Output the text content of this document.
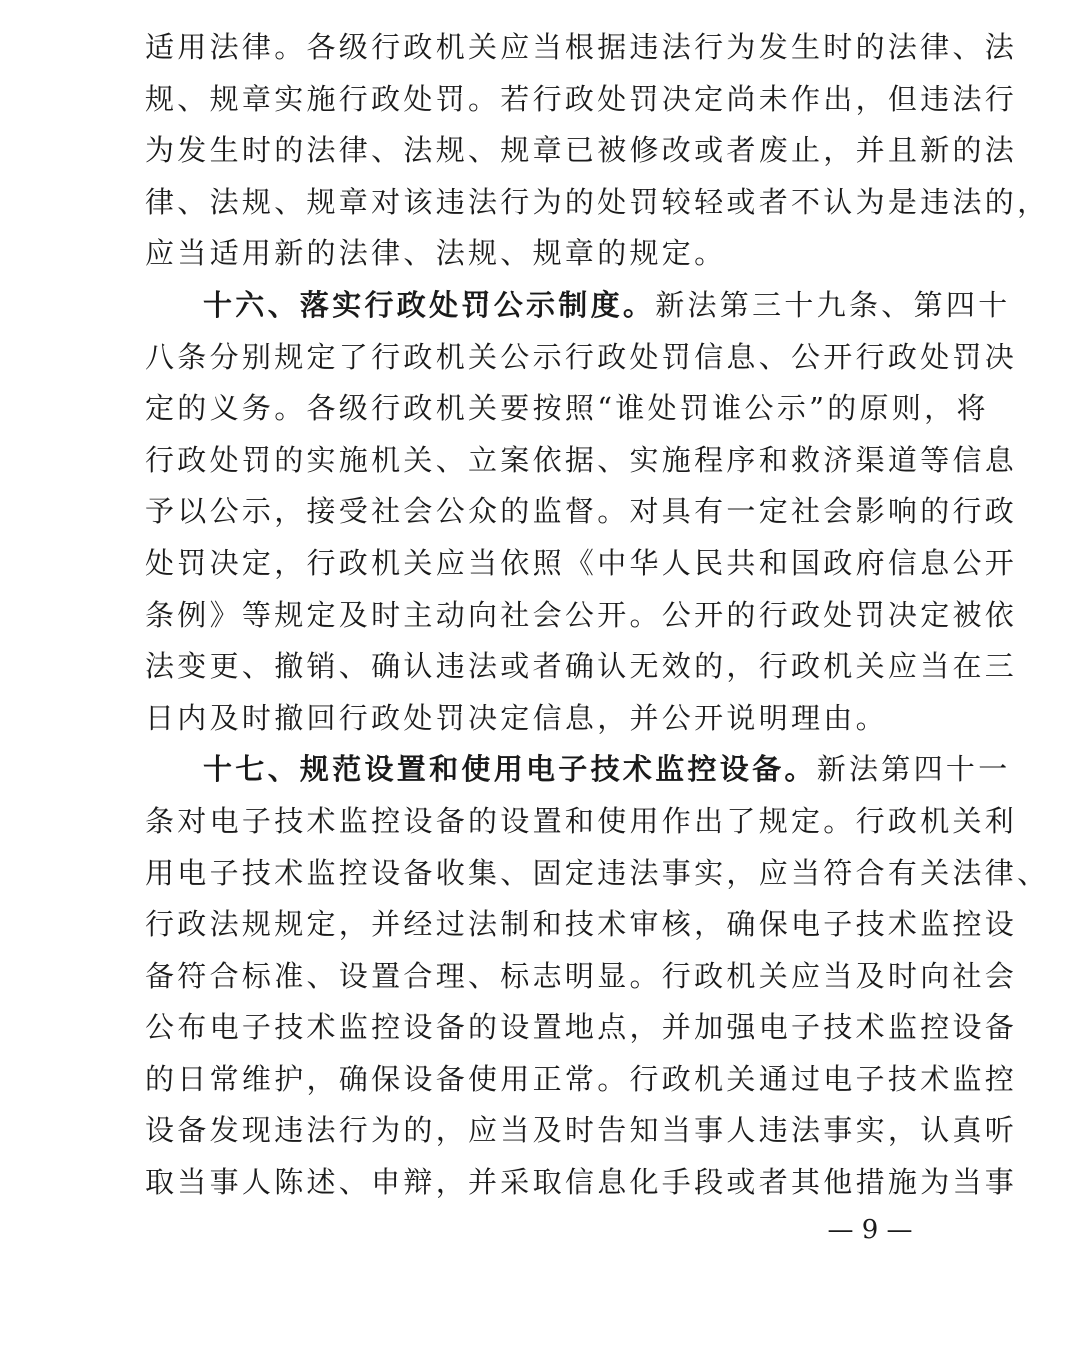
适用法律。各级行政机关应当根据违法行为发生时的法律、法
规、规章实施行政处罚。若行政处罚决定尚未作出，但违法行
为发生时的法律、法规、规章已被修改或者废止，并且新的法
律、法规、规章对该违法行为的处罚较轻或者不认为是违法的，
应当适用新的法律、法规、规章的规定。
十六、落实行政处罚公示制度。新法第三十九条、第四十
八条分别规定了行政机关公示行政处罚信息、公开行政处罚决
定的义务。各级行政机关要按照“谁处罚谁公示”的原则，将
行政处罚的实施机关、立案依据、实施程序和救济渠道等信息
予以公示，接受社会公众的监督。对具有一定社会影响的行政
处罚决定，行政机关应当依照《中华人民共和国政府信息公开
条例》等规定及时主动向社会公开。公开的行政处罚决定被依
法变更、撤销、确认违法或者确认无效的，行政机关应当在三
日内及时撤回行政处罚决定信息，并公开说明理由。
十七、规范设置和使用电子技术监控设备。新法第四十一
条对电子技术监控设备的设置和使用作出了规定。行政机关利
用电子技术监控设备收集、固定违法事实，应当符合有关法律、
行政法规规定，并经过法制和技术审核，确保电子技术监控设
备符合标准、设置合理、标志明显。行政机关应当及时向社会
公布电子技术监控设备的设置地点，并加强电子技术监控设备
的日常维护，确保设备使用正常。行政机关通过电子技术监控
设备发现违法行为的，应当及时告知当事人违法事实，认真听
取当事人陈述、申辩，并采取信息化手段或者其他措施为当事
— 9 —
